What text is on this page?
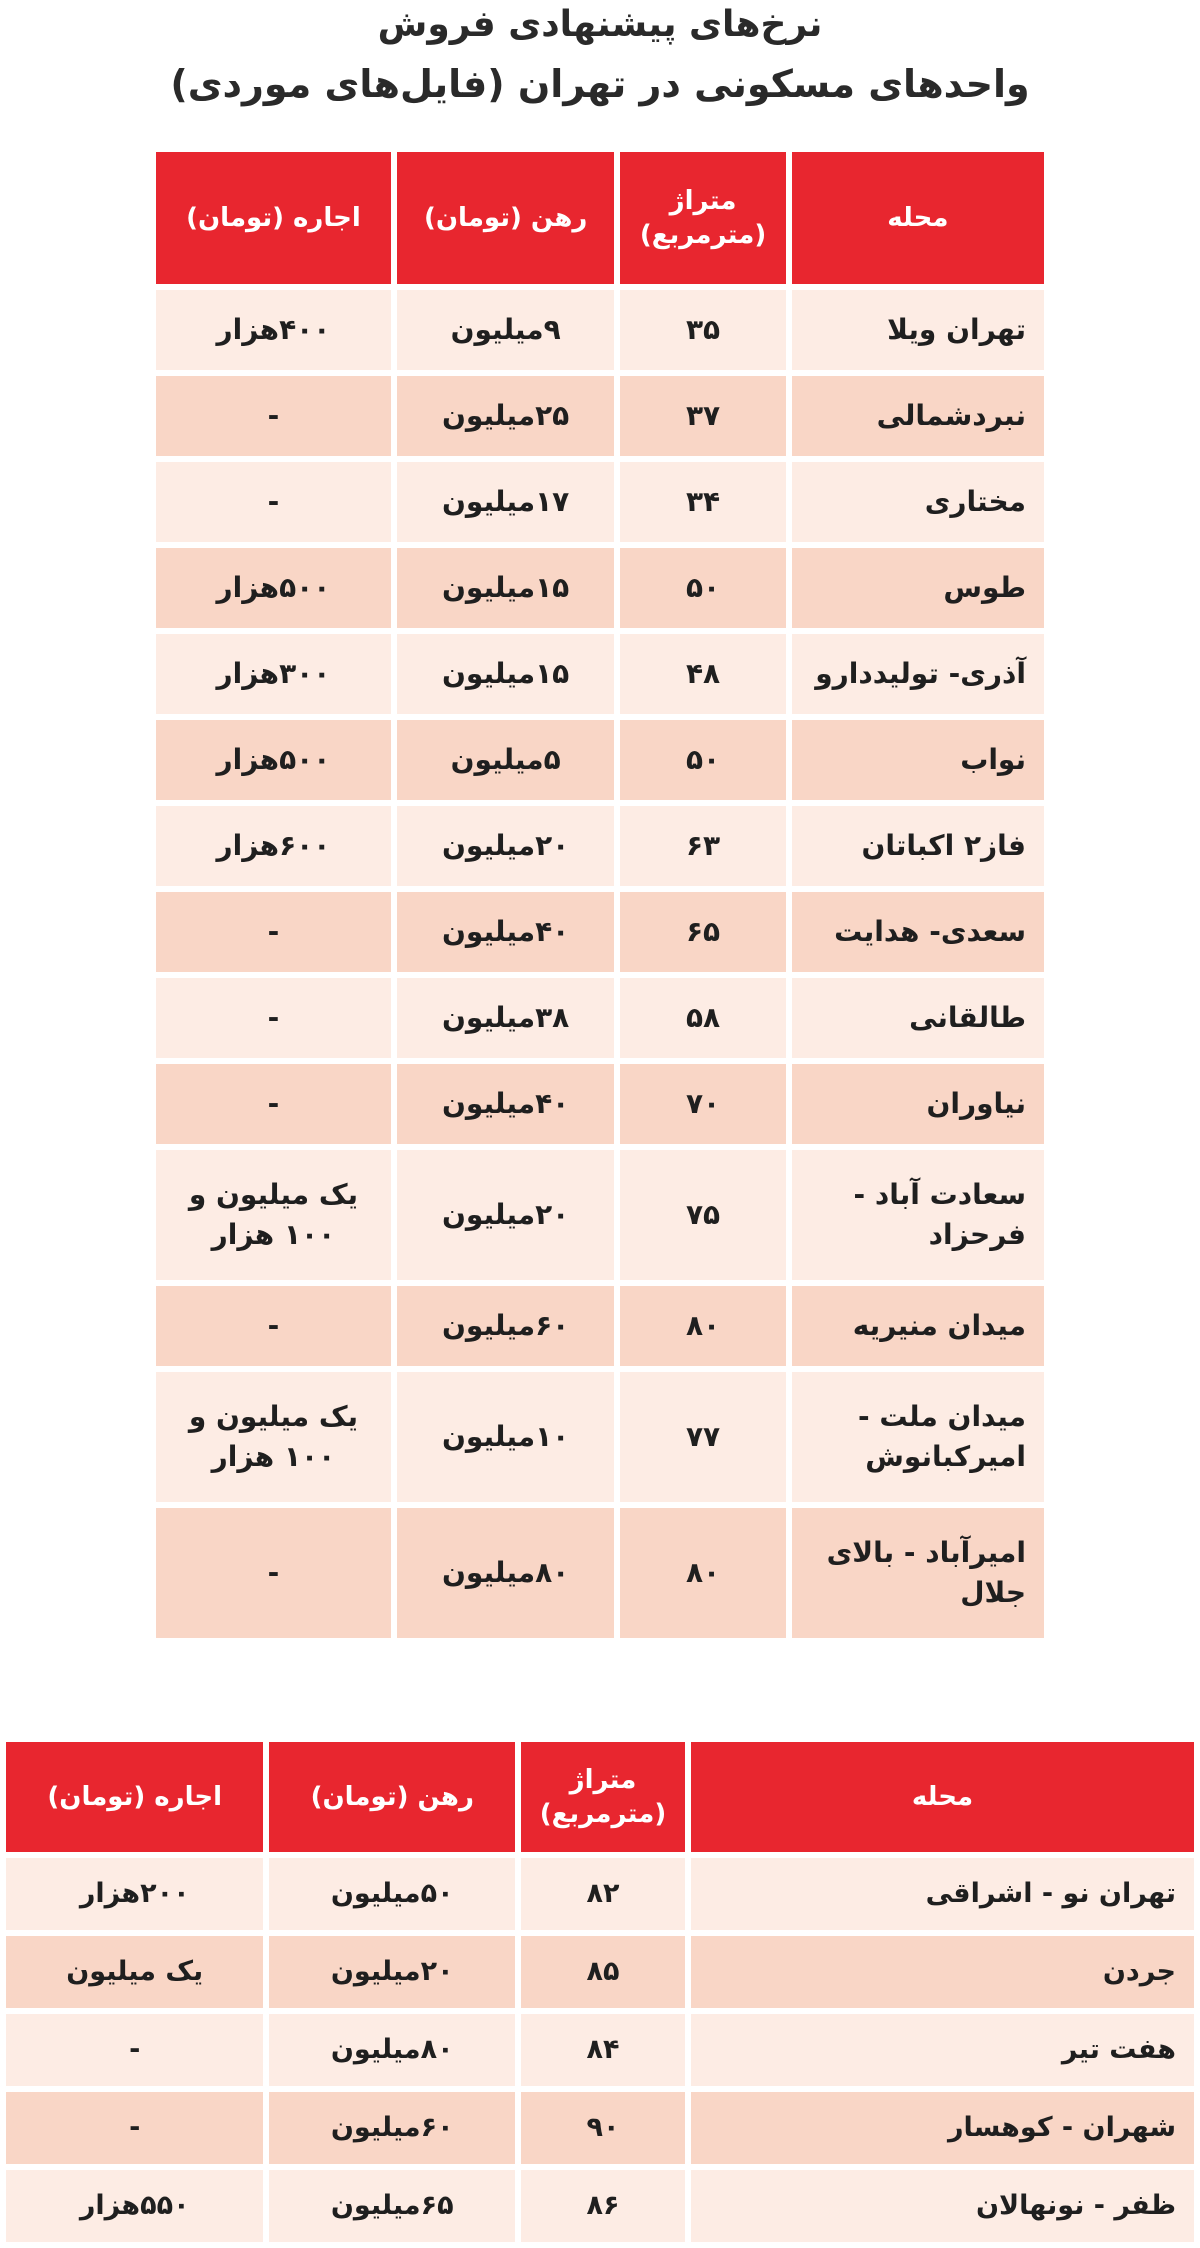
نرخ‌های پیشنهادی فروش
واحدهای مسکونی در تهران (فایل‌های موردی)
محله	متراژ (مترمربع)	رهن (تومان)	اجاره (تومان)
تهران ویلا	۳۵	۹میلیون	۴۰۰هزار
نبردشمالی	۳۷	۲۵میلیون	-
مختاری	۳۴	۱۷میلیون	-
طوس	۵۰	۱۵میلیون	۵۰۰هزار
آذری- تولیددارو	۴۸	۱۵میلیون	۳۰۰هزار
نواب	۵۰	۵میلیون	۵۰۰هزار
فاز۲ اکباتان	۶۳	۲۰میلیون	۶۰۰هزار
سعدی- هدایت	۶۵	۴۰میلیون	-
طالقانی	۵۸	۳۸میلیون	-
نیاوران	۷۰	۴۰میلیون	-
سعادت آباد - فرحزاد	۷۵	۲۰میلیون	یک میلیون و ۱۰۰ هزار
میدان منیریه	۸۰	۶۰میلیون	-
میدان ملت - امیرکبانوش	۷۷	۱۰میلیون	یک میلیون و ۱۰۰ هزار
امیرآباد - بالای جلال	۸۰	۸۰میلیون	-
محله	متراژ (مترمربع)	رهن (تومان)	اجاره (تومان)
تهران نو - اشراقی	۸۲	۵۰میلیون	۲۰۰هزار
جردن	۸۵	۲۰میلیون	یک میلیون
هفت تیر	۸۴	۸۰میلیون	-
شهران - کوهسار	۹۰	۶۰میلیون	-
ظفر - نونهالان	۸۶	۶۵میلیون	۵۵۰هزار
